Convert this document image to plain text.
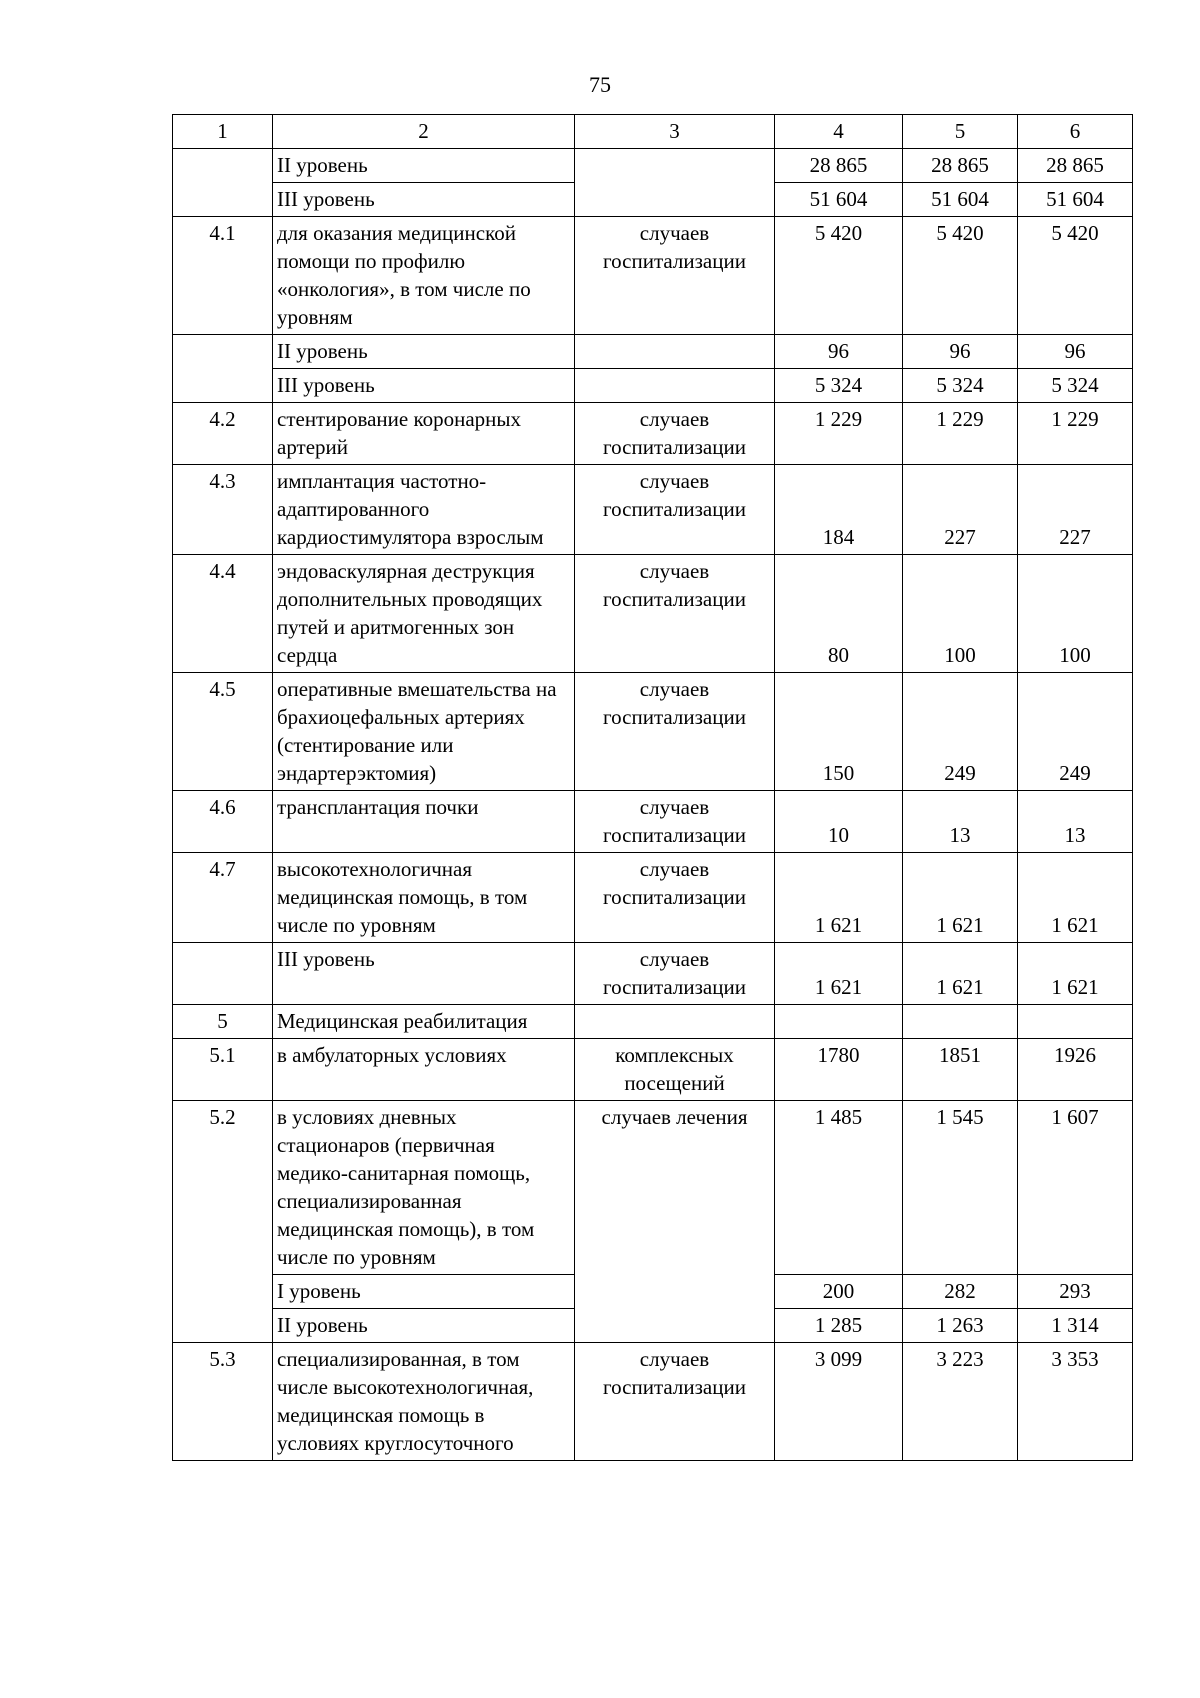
75
1	2	3	4	5	6
	II уровень		28 865	28 865	28 865
	III уровень		51 604	51 604	51 604
4.1	для оказания медицинской помощи по профилю «онкология», в том числе по уровням	случаев госпитализации	5 420	5 420	5 420
	II уровень		96	96	96
	III уровень		5 324	5 324	5 324
4.2	стентирование коронарных артерий	случаев госпитализации	1 229	1 229	1 229
4.3	имплантация частотно-адаптированного кардиостимулятора взрослым	случаев госпитализации	184	227	227
4.4	эндоваскулярная деструкция дополнительных проводящих путей и аритмогенных зон сердца	случаев госпитализации	80	100	100
4.5	оперативные вмешательства на брахиоцефальных артериях (стентирование или эндартерэктомия)	случаев госпитализации	150	249	249
4.6	трансплантация почки	случаев госпитализации	10	13	13
4.7	высокотехнологичная медицинская помощь, в том числе по уровням	случаев госпитализации	1 621	1 621	1 621
	III уровень	случаев госпитализации	1 621	1 621	1 621
5	Медицинская реабилитация				
5.1	в амбулаторных условиях	комплексных посещений	1780	1851	1926
5.2	в условиях дневных стационаров (первичная медико-санитарная помощь, специализированная медицинская помощь), в том числе по уровням	случаев лечения	1 485	1 545	1 607
	I уровень		200	282	293
	II уровень		1 285	1 263	1 314
5.3	специализированная, в том числе высокотехнологичная, медицинская помощь в условиях круглосуточного	случаев госпитализации	3 099	3 223	3 353
